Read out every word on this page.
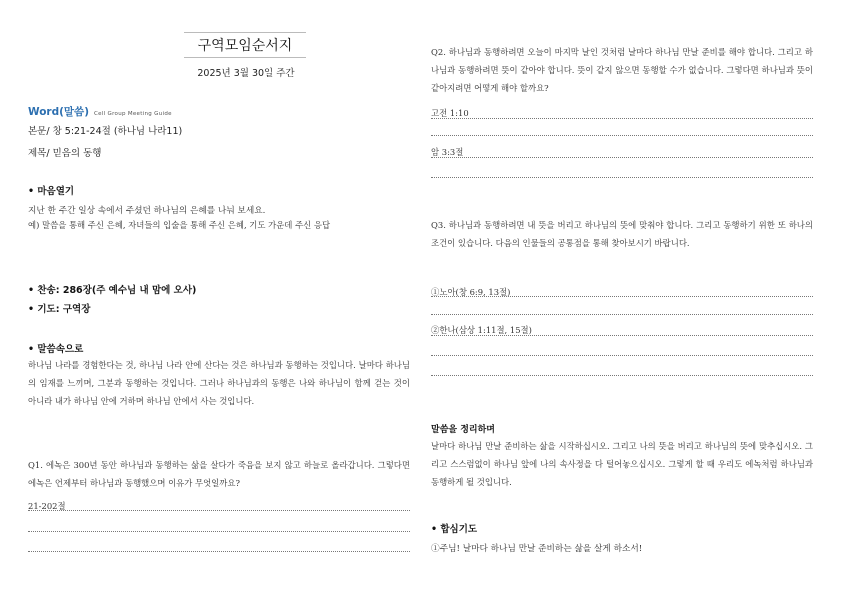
구역모임순서지
2025년 3월 30일 주간
Word(말씀) Cell Group Meeting Guide
본문/ 창 5:21-24절 (하나님 나라11)
제목/ 믿음의 동행
• 마음열기
지난 한 주간 일상 속에서 주셨던 하나님의 은혜를 나눠 보세요.
예) 말씀을 통해 주신 은혜, 자녀들의 입술을 통해 주신 은혜, 기도 가운데 주신 응답
• 찬송: 286장(주 예수님 내 맘에 오사)
• 기도: 구역장
• 말씀속으로
하나님 나라를 경험한다는 것, 하나님 나라 안에 산다는 것은 하나님과 동행하는 것입니다. 날마다 하나님의 임재를 느끼며, 그분과 동행하는 것입니다. 그러나 하나님과의 동행은 나와 하나님이 함께 걷는 것이 아니라 내가 하나님 안에 거하며 하나님 안에서 사는 것입니다.
Q1. 에녹은 300년 동안 하나님과 동행하는 삶을 살다가 죽음을 보지 않고 하늘로 올라갑니다. 그렇다면 에녹은 언제부터 하나님과 동행했으며 이유가 무엇일까요?
21-202절
Q2. 하나님과 동행하려면 오늘이 마지막 날인 것처럼 날마다 하나님 만날 준비를 해야 합니다. 그리고 하나님과 동행하려면 뜻이 같아야 합니다. 뜻이 같지 않으면 동행할 수가 없습니다. 그렇다면 하나님과 뜻이 같아지려면 어떻게 해야 할까요?
고전 1:10
암 3:3절
Q3. 하나님과 동행하려면 내 뜻을 버리고 하나님의 뜻에 맞춰야 합니다. 그리고 동행하기 위한 또 하나의 조건이 있습니다. 다음의 인물들의 공통점을 통해 찾아보시기 바랍니다.
①노아(창 6:9, 13절)
②한나(삼상 1:11절, 15절)
말씀을 정리하며
날마다 하나님 만날 준비하는 삶을 시작하십시오. 그리고 나의 뜻을 버리고 하나님의 뜻에 맞추십시오. 그리고 스스럼없이 하나님 앞에 나의 속사정을 다 털어놓으십시오. 그렇게 할 때 우리도 에녹처럼 하나님과 동행하게 될 것입니다.
• 합심기도
①주님! 날마다 하나님 만날 준비하는 삶을 살게 하소서!
